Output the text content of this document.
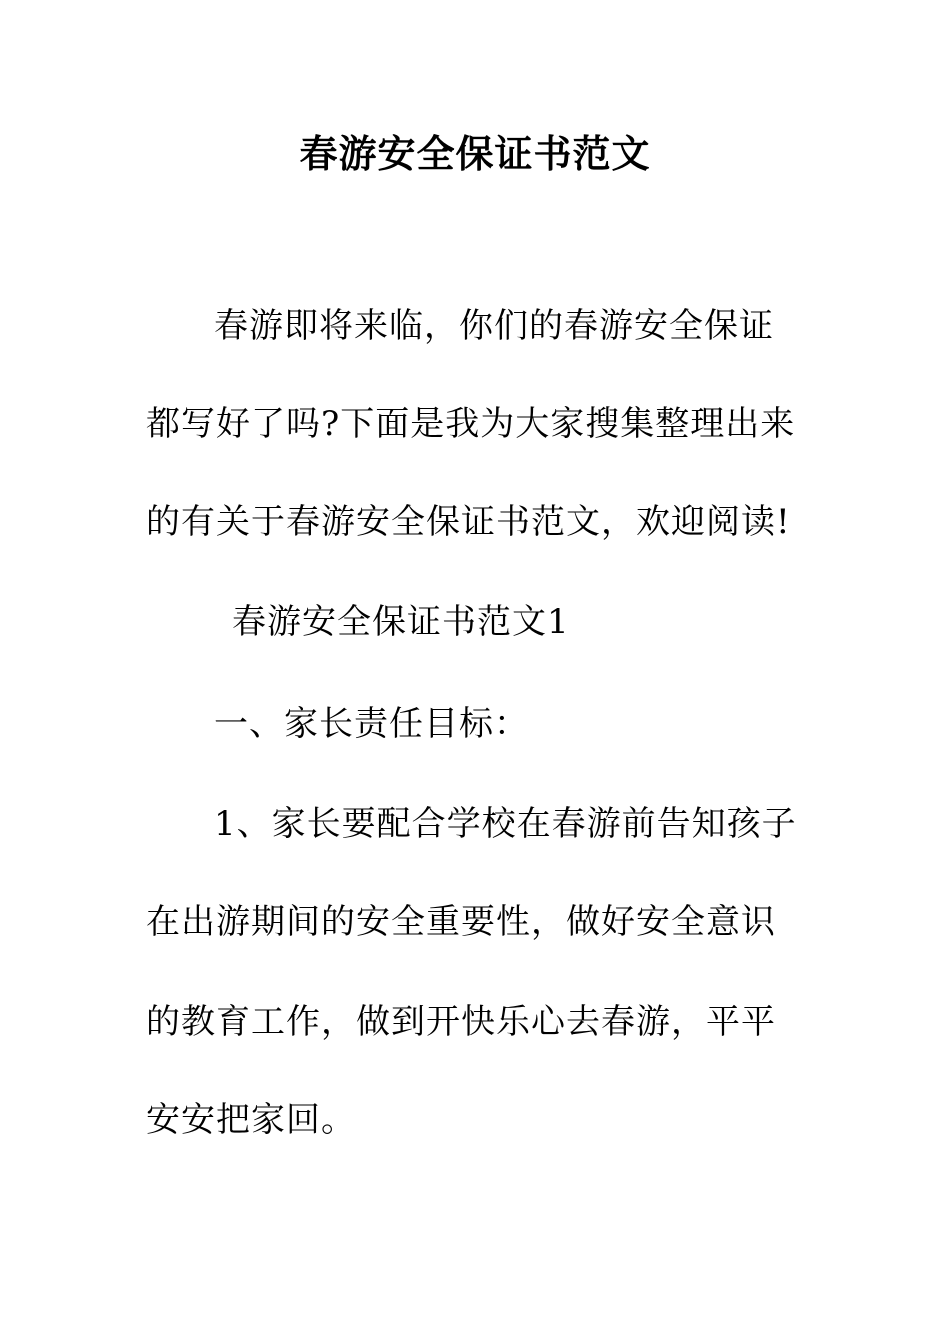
春游安全保证书范文
春游即将来临，你们的春游安全保证
都写好了吗?下面是我为大家搜集整理出来
的有关于春游安全保证书范文，欢迎阅读!
春游安全保证书范文1
一、家长责任目标：
1、家长要配合学校在春游前告知孩子
在出游期间的安全重要性，做好安全意识
的教育工作，做到开快乐心去春游，平平
安安把家回。
